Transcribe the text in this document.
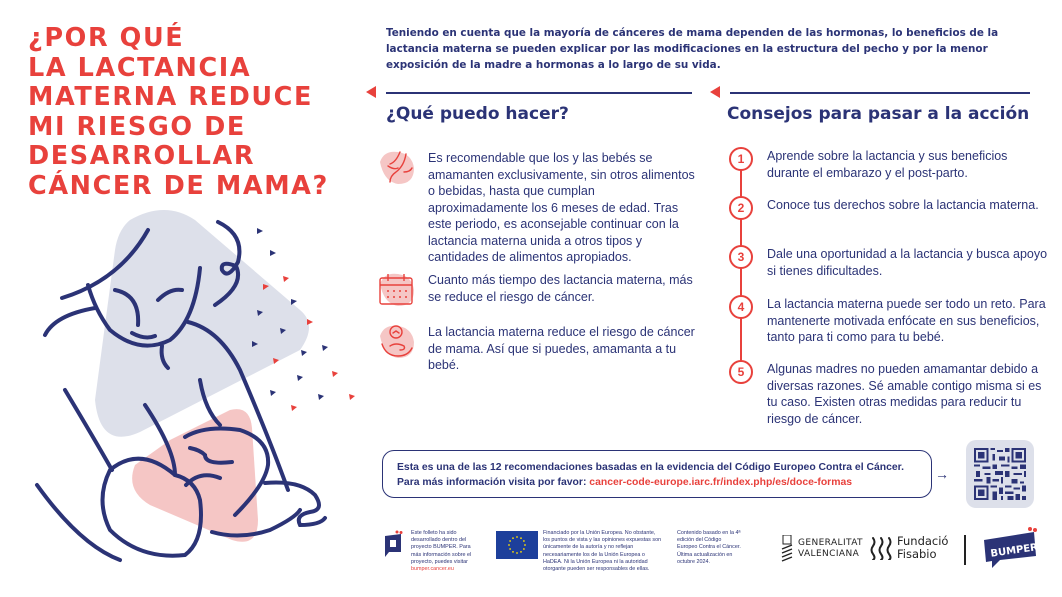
¿POR QUÉ
LA LACTANCIA
MATERNA REDUCE
MI RIESGO DE
DESARROLLAR
CÁNCER DE MAMA?

Teniendo en cuenta que la mayoría de cánceres de mama dependen de las hormonas, lo beneficios de la lactancia materna se pueden explicar por las modificaciones en la estructura del pecho y por la menor exposición de la madre a hormonas a lo largo de su vida.

¿Qué puedo hacer?	Consejos para pasar a la acción
Es recomendable que los y las bebés se amamanten exclusivamente, sin otros alimentos o bebidas, hasta que cumplan aproximadamente los 6 meses de edad. Tras este periodo, es aconsejable continuar con la lactancia materna unida a otros tipos y cantidades de alimentos apropiados.
Cuanto más tiempo des lactancia materna, más se reduce el riesgo de cáncer.
La lactancia materna reduce el riesgo de cáncer de mama. Así que si puedes, amamanta a tu bebé.
1	Aprende sobre la lactancia y sus beneficios durante el embarazo y el post-parto.
2	Conoce tus derechos sobre la lactancia materna.
3	Dale una oportunidad a la lactancia y busca apoyo si tienes dificultades.
4	La lactancia materna puede ser todo un reto. Para mantenerte motivada enfócate en sus beneficios, tanto para ti como para tu bebé.
5	Algunas madres no pueden amamantar debido a diversas razones. Sé amable contigo misma si es tu caso. Existen otras medidas para reducir tu riesgo de cáncer.
Esta es una de las 12 recomendaciones basadas en la evidencia del Código Europeo Contra el Cáncer.
Para más información visita por favor: cancer-code-europe.iarc.fr/index.php/es/doce-formas
→
Este folleto ha sido desarrollado dentro del proyecto BUMPER. Para más información sobre el proyecto, puedes visitar bumper.cancer.eu
Financiado por la Unión Europea. No obstante, los puntos de vista y las opiniones expuestas son únicamente de la autoría y no reflejan necesariamente los de la Unión Europea o HaDEA. Ni la Unión Europea ni la autoridad otorgante pueden ser responsables de ellas.
Contenido basado en la 4ª edición del Código Europeo Contra el Cáncer. Última actualización en octubre 2024.
GENERALITAT
VALENCIANA
Fundació
Fisabio	BUMPER
